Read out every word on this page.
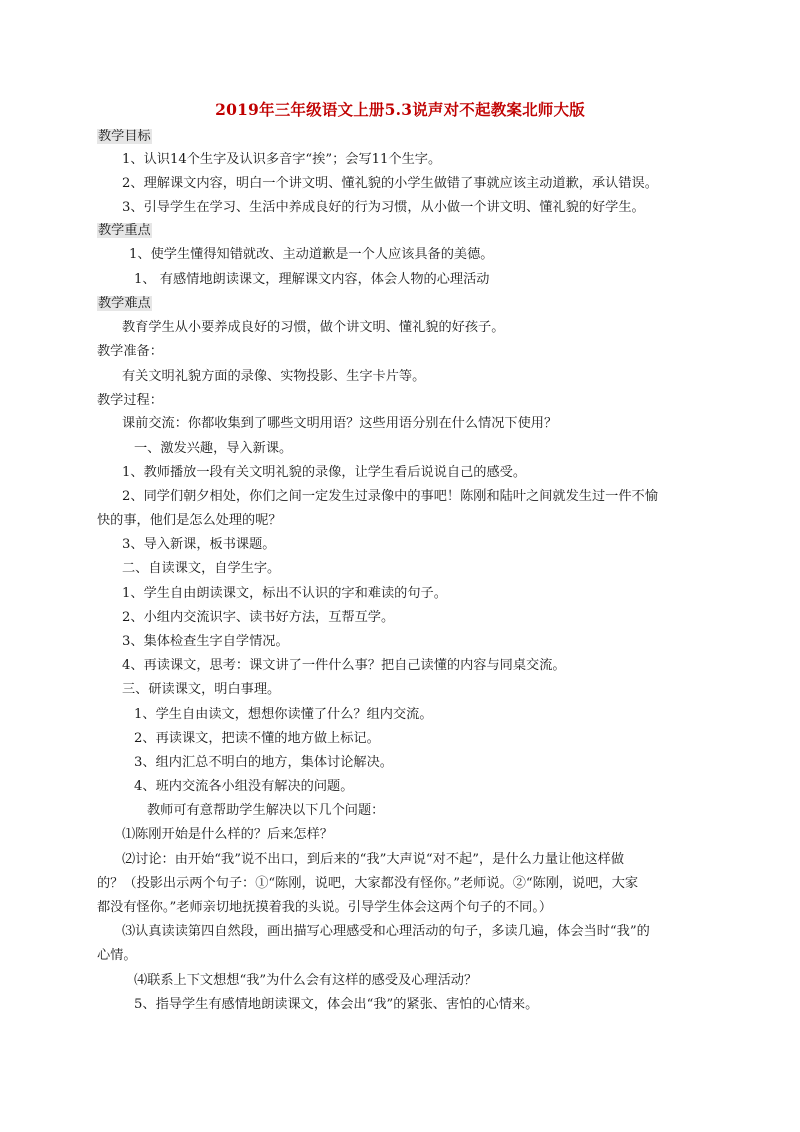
2019年三年级语文上册5.3说声对不起教案北师大版
教学目标
1、认识14个生字及认识多音字“挨”；会写11个生字。
2、理解课文内容，明白一个讲文明、懂礼貌的小学生做错了事就应该主动道歉，承认错误。
3、引导学生在学习、生活中养成良好的行为习惯，从小做一个讲文明、懂礼貌的好学生。
教学重点
1、使学生懂得知错就改、主动道歉是一个人应该具备的美德。
1、 有感情地朗读课文，理解课文内容，体会人物的心理活动
教学难点
教育学生从小要养成良好的习惯，做个讲文明、懂礼貌的好孩子。
教学准备：
有关文明礼貌方面的录像、实物投影、生字卡片等。
教学过程：
课前交流：你都收集到了哪些文明用语？这些用语分别在什么情况下使用？
一、激发兴趣，导入新课。
1、教师播放一段有关文明礼貌的录像，让学生看后说说自己的感受。
2、同学们朝夕相处，你们之间一定发生过录像中的事吧！陈刚和陆叶之间就发生过一件不愉
快的事，他们是怎么处理的呢？
3、导入新课，板书课题。
二、自读课文，自学生字。
1、学生自由朗读课文，标出不认识的字和难读的句子。
2、小组内交流识字、读书好方法，互帮互学。
3、集体检查生字自学情况。
4、再读课文，思考：课文讲了一件什么事？把自己读懂的内容与同桌交流。
三、研读课文，明白事理。
1、学生自由读文，想想你读懂了什么？组内交流。
2、再读课文，把读不懂的地方做上标记。
3、组内汇总不明白的地方，集体讨论解决。
4、班内交流各小组没有解决的问题。
教师可有意帮助学生解决以下几个问题：
⑴陈刚开始是什么样的？后来怎样？
⑵讨论：由开始“我”说不出口，到后来的“我”大声说“对不起”，是什么力量让他这样做
的？（投影出示两个句子：①“陈刚，说吧，大家都没有怪你。”老师说。②“陈刚，说吧，大家
都没有怪你。”老师亲切地抚摸着我的头说。引导学生体会这两个句子的不同。）
⑶认真读读第四自然段，画出描写心理感受和心理活动的句子，多读几遍，体会当时“我”的
心情。
⑷联系上下文想想“我”为什么会有这样的感受及心理活动？
5、指导学生有感情地朗读课文，体会出“我”的紧张、害怕的心情来。
